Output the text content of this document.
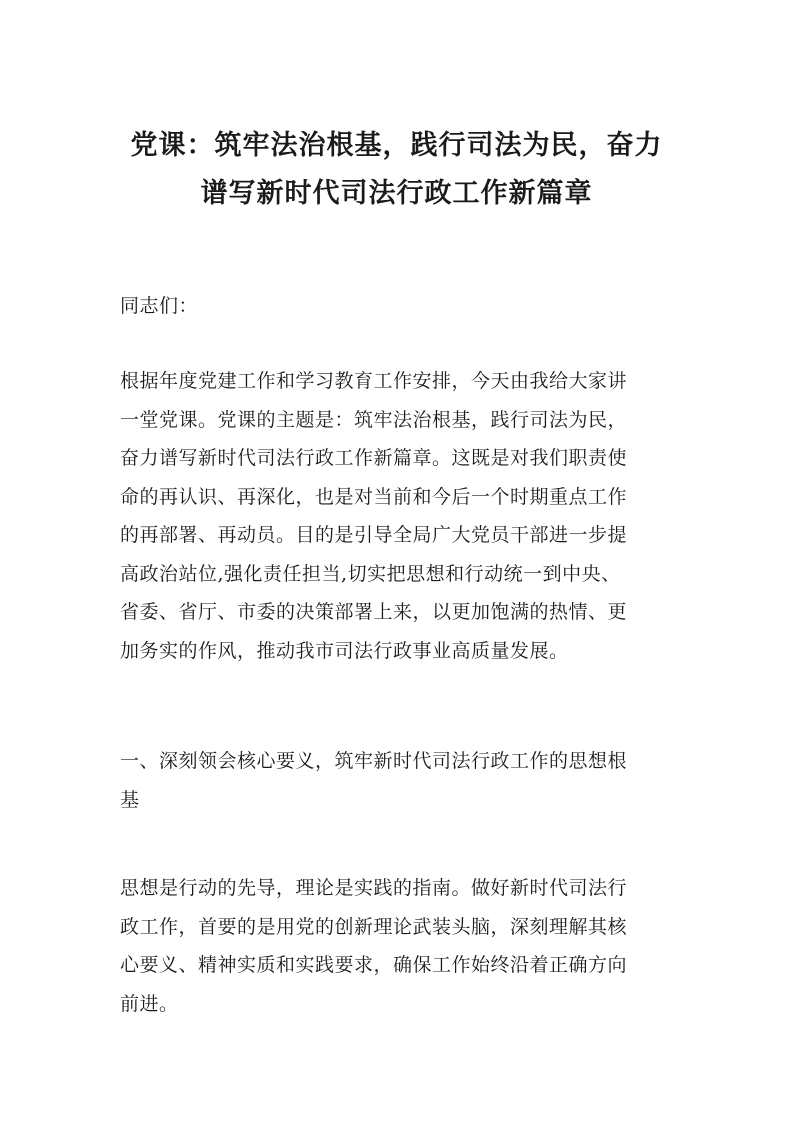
党课：筑牢法治根基，践行司法为民，奋力
谱写新时代司法行政工作新篇章

同志们：

根据年度党建工作和学习教育工作安排，今天由我给大家讲
一堂党课。党课的主题是：筑牢法治根基，践行司法为民，
奋力谱写新时代司法行政工作新篇章。这既是对我们职责使
命的再认识、再深化，也是对当前和今后一个时期重点工作
的再部署、再动员。目的是引导全局广大党员干部进一步提
高政治站位,强化责任担当,切实把思想和行动统一到中央、
省委、省厅、市委的决策部署上来，以更加饱满的热情、更
加务实的作风，推动我市司法行政事业高质量发展。

一、深刻领会核心要义，筑牢新时代司法行政工作的思想根
基

思想是行动的先导，理论是实践的指南。做好新时代司法行
政工作，首要的是用党的创新理论武装头脑，深刻理解其核
心要义、精神实质和实践要求，确保工作始终沿着正确方向
前进。
